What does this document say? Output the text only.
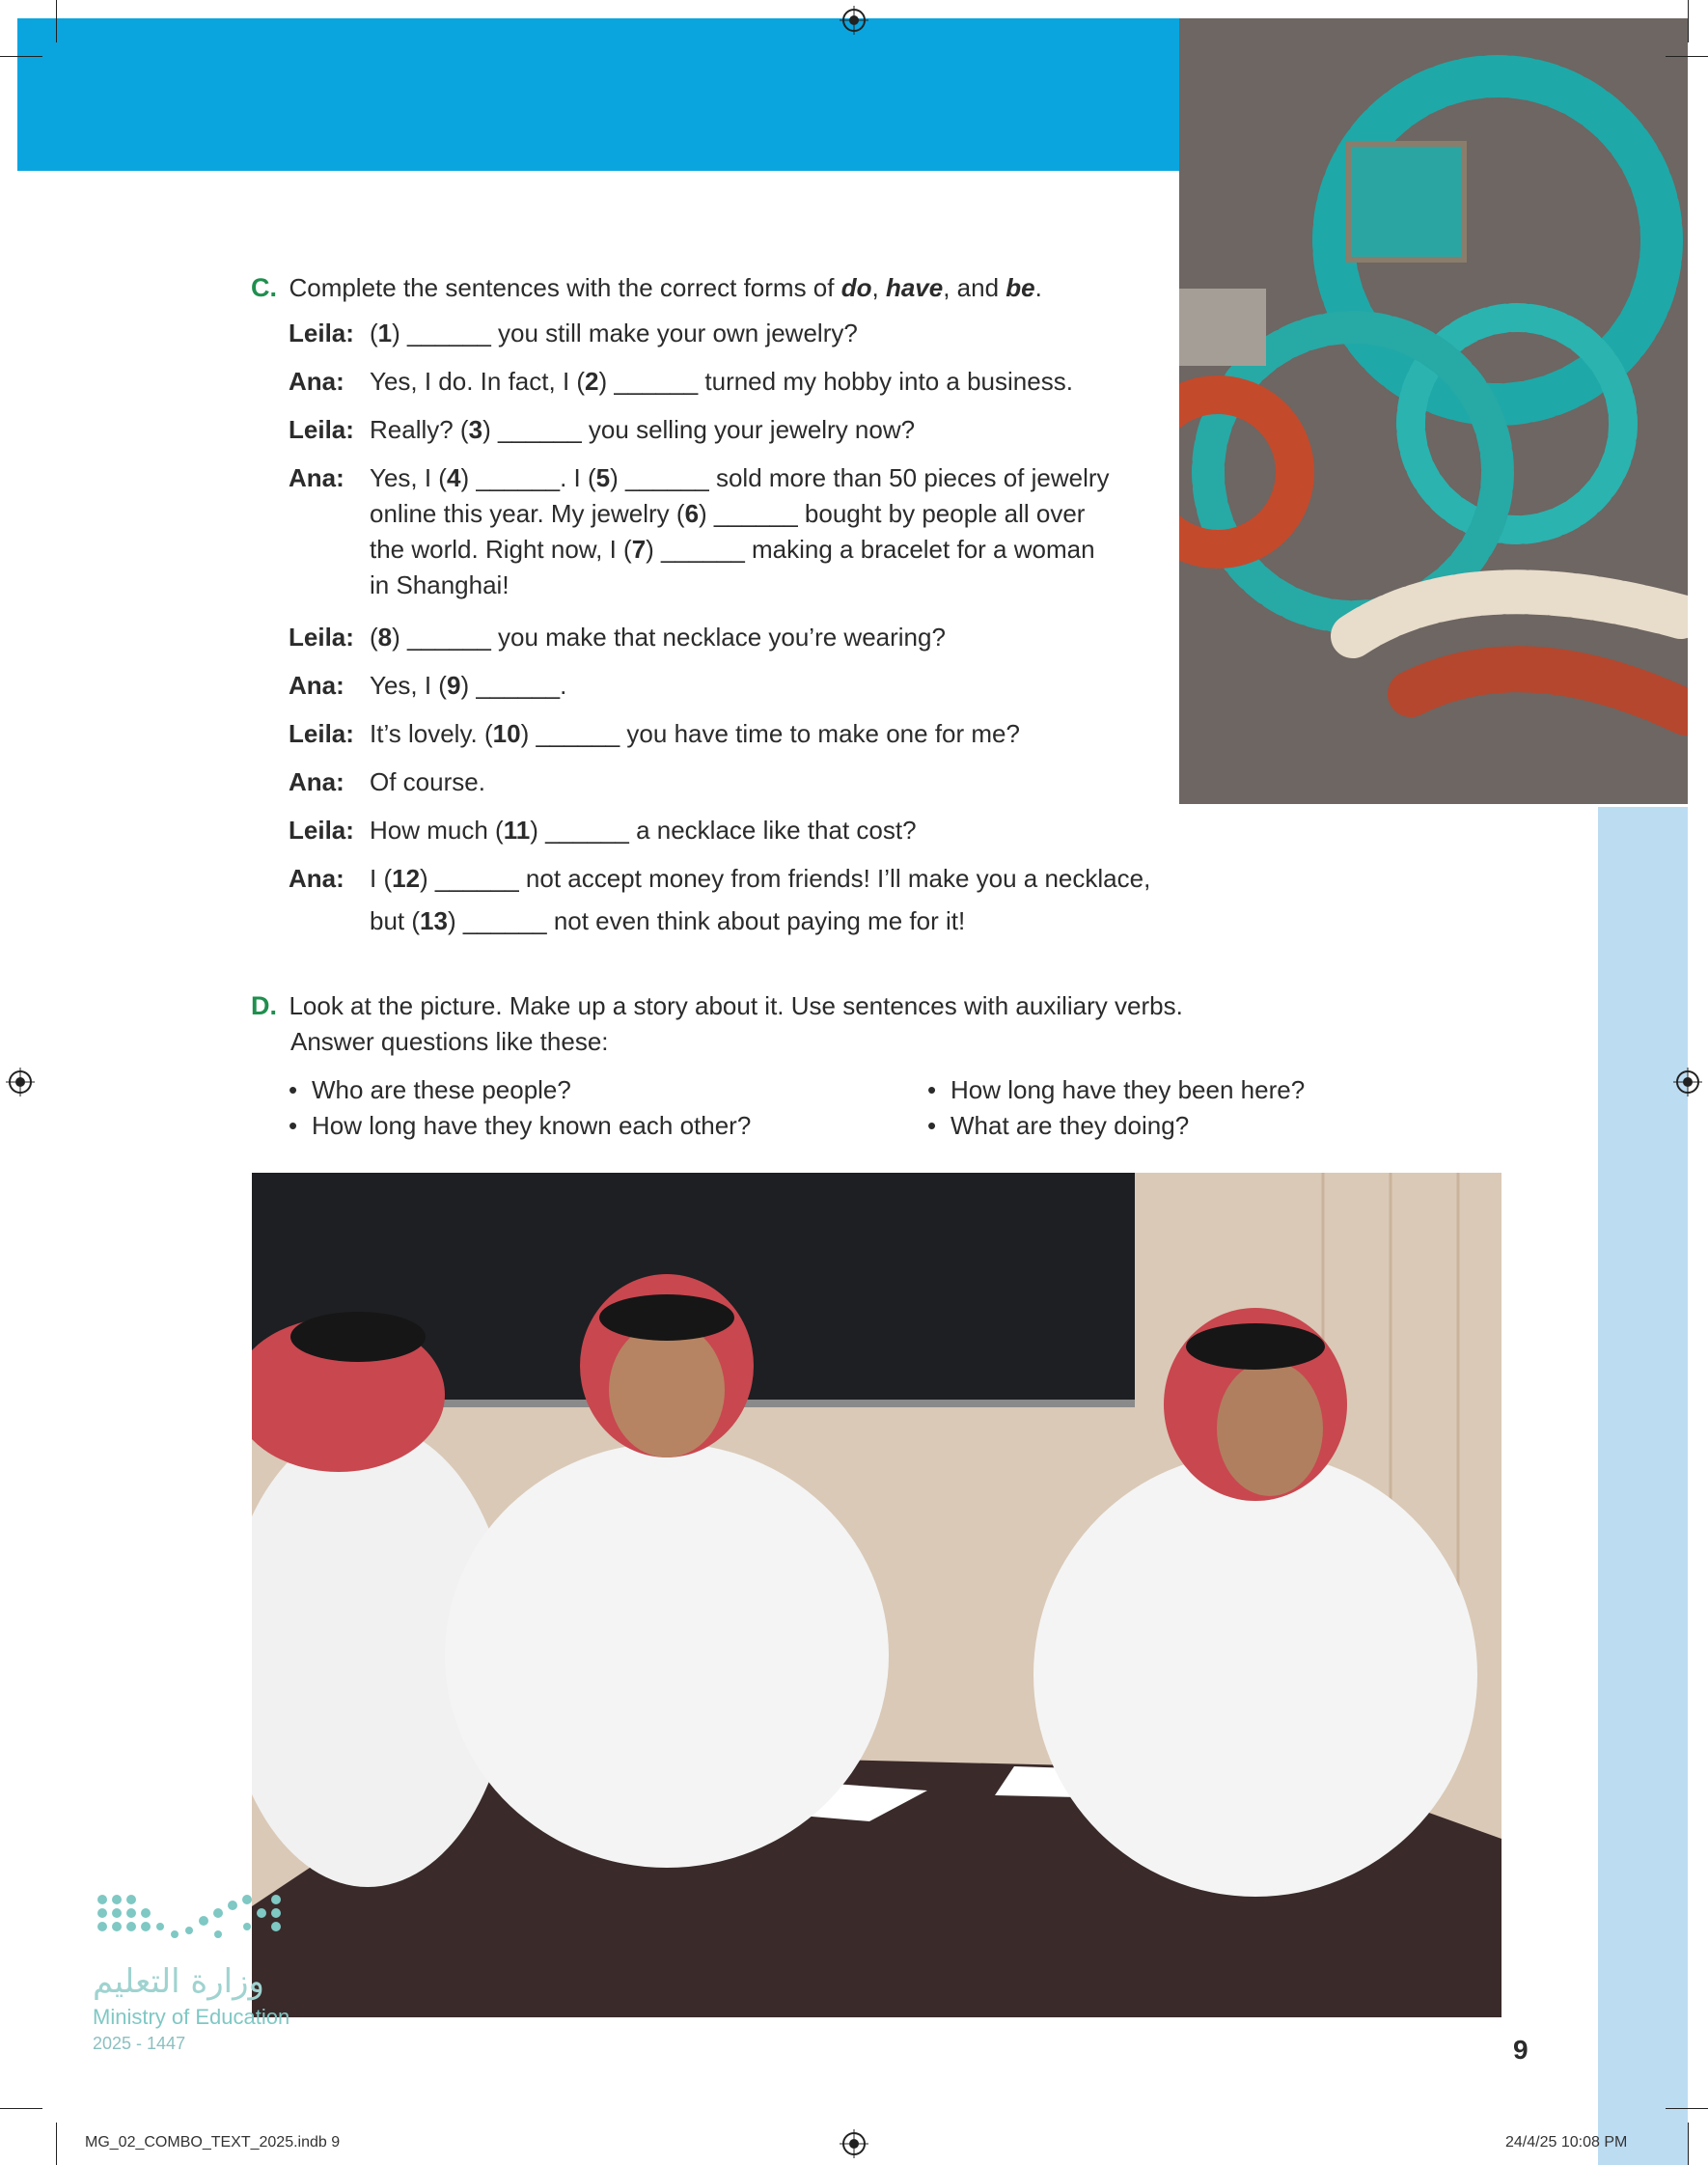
C. Complete the sentences with the correct forms of do, have, and be.
Leila: (1) ______ you still make your own jewelry?
Ana: Yes, I do. In fact, I (2) ______ turned my hobby into a business.
Leila: Really? (3) ______ you selling your jewelry now?
Ana: Yes, I (4) ______. I (5) ______ sold more than 50 pieces of jewelry
online this year. My jewelry (6) ______ bought by people all over
the world. Right now, I (7) ______ making a bracelet for a woman
in Shanghai!
Leila: (8) ______ you make that necklace you’re wearing?
Ana: Yes, I (9) ______.
Leila: It’s lovely. (10) ______ you have time to make one for me?
Ana: Of course.
Leila: How much (11) ______ a necklace like that cost?
Ana: I (12) ______ not accept money from friends! I’ll make you a necklace,
but (13) ______ not even think about paying me for it!
D. Look at the picture. Make up a story about it. Use sentences with auxiliary verbs.
Answer questions like these:
• Who are these people?
• How long have they known each other?
• How long have they been here?
• What are they doing?
وزارة التعليم
Ministry of Education
2025 - 1447	9
MG_02_COMBO_TEXT_2025.indb 9	24/4/25 10:08 PM
